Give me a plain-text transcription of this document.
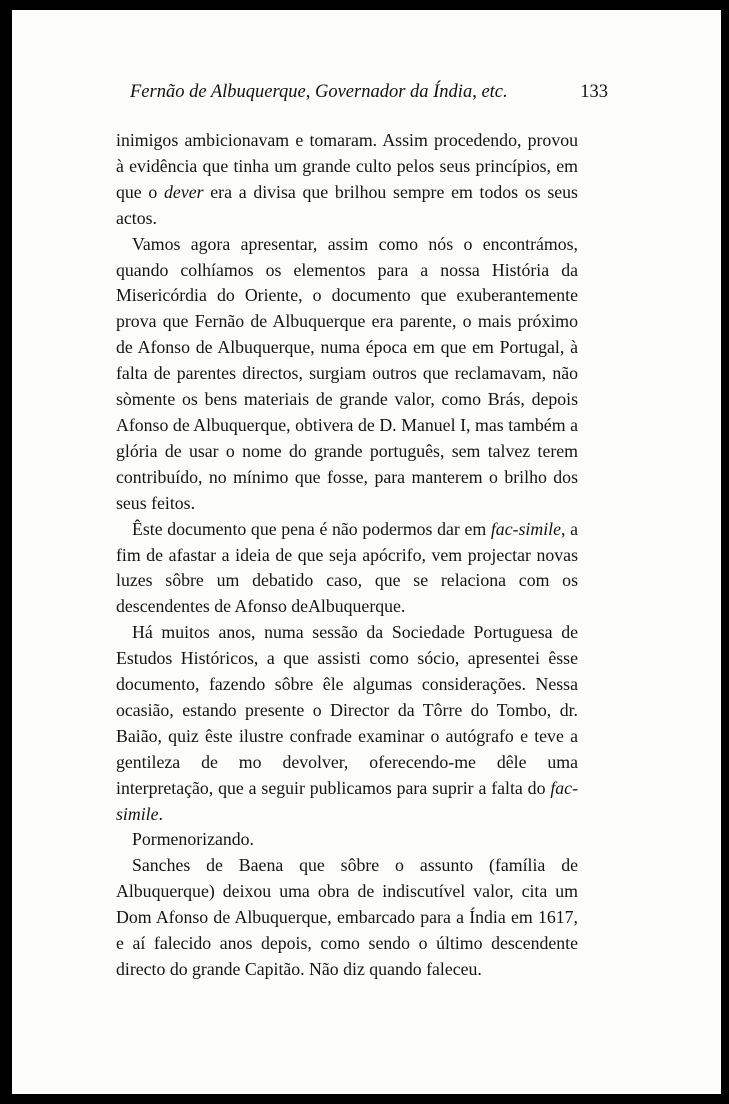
Fernão de Albuquerque, Governador da Índia, etc.	133

inimigos ambicionavam e tomaram. Assim procedendo, provou à evidência que tinha um grande culto pelos seus princípios, em que o dever era a divisa que brilhou sempre em todos os seus actos.

Vamos agora apresentar, assim como nós o encontrámos, quando colhíamos os elementos para a nossa História da Misericórdia do Oriente, o documento que exuberantemente prova que Fernão de Albuquerque era parente, o mais próximo de Afonso de Albuquerque, numa época em que em Portugal, à falta de parentes directos, surgiam outros que reclamavam, não sòmente os bens materiais de grande valor, como Brás, depois Afonso de Albuquerque, obtivera de D. Manuel I, mas também a glória de usar o nome do grande português, sem talvez terem contribuído, no mínimo que fosse, para manterem o brilho dos seus feitos.

Êste documento que pena é não podermos dar em fac-simile, a fim de afastar a ideia de que seja apócrifo, vem projectar novas luzes sôbre um debatido caso, que se relaciona com os descendentes de Afonso deAlbuquerque.

Há muitos anos, numa sessão da Sociedade Portuguesa de Estudos Históricos, a que assisti como sócio, apresentei êsse documento, fazendo sôbre êle algumas considerações. Nessa ocasião, estando presente o Director da Tôrre do Tombo, dr. Baião, quiz êste ilustre confrade examinar o autógrafo e teve a gentileza de mo devolver, oferecendo-me dêle uma interpretação, que a seguir publicamos para suprir a falta do fac-simile.

Pormenorizando.

Sanches de Baena que sôbre o assunto (família de Albuquerque) deixou uma obra de indiscutível valor, cita um Dom Afonso de Albuquerque, embarcado para a Índia em 1617, e aí falecido anos depois, como sendo o último descendente directo do grande Capitão. Não diz quando faleceu.
